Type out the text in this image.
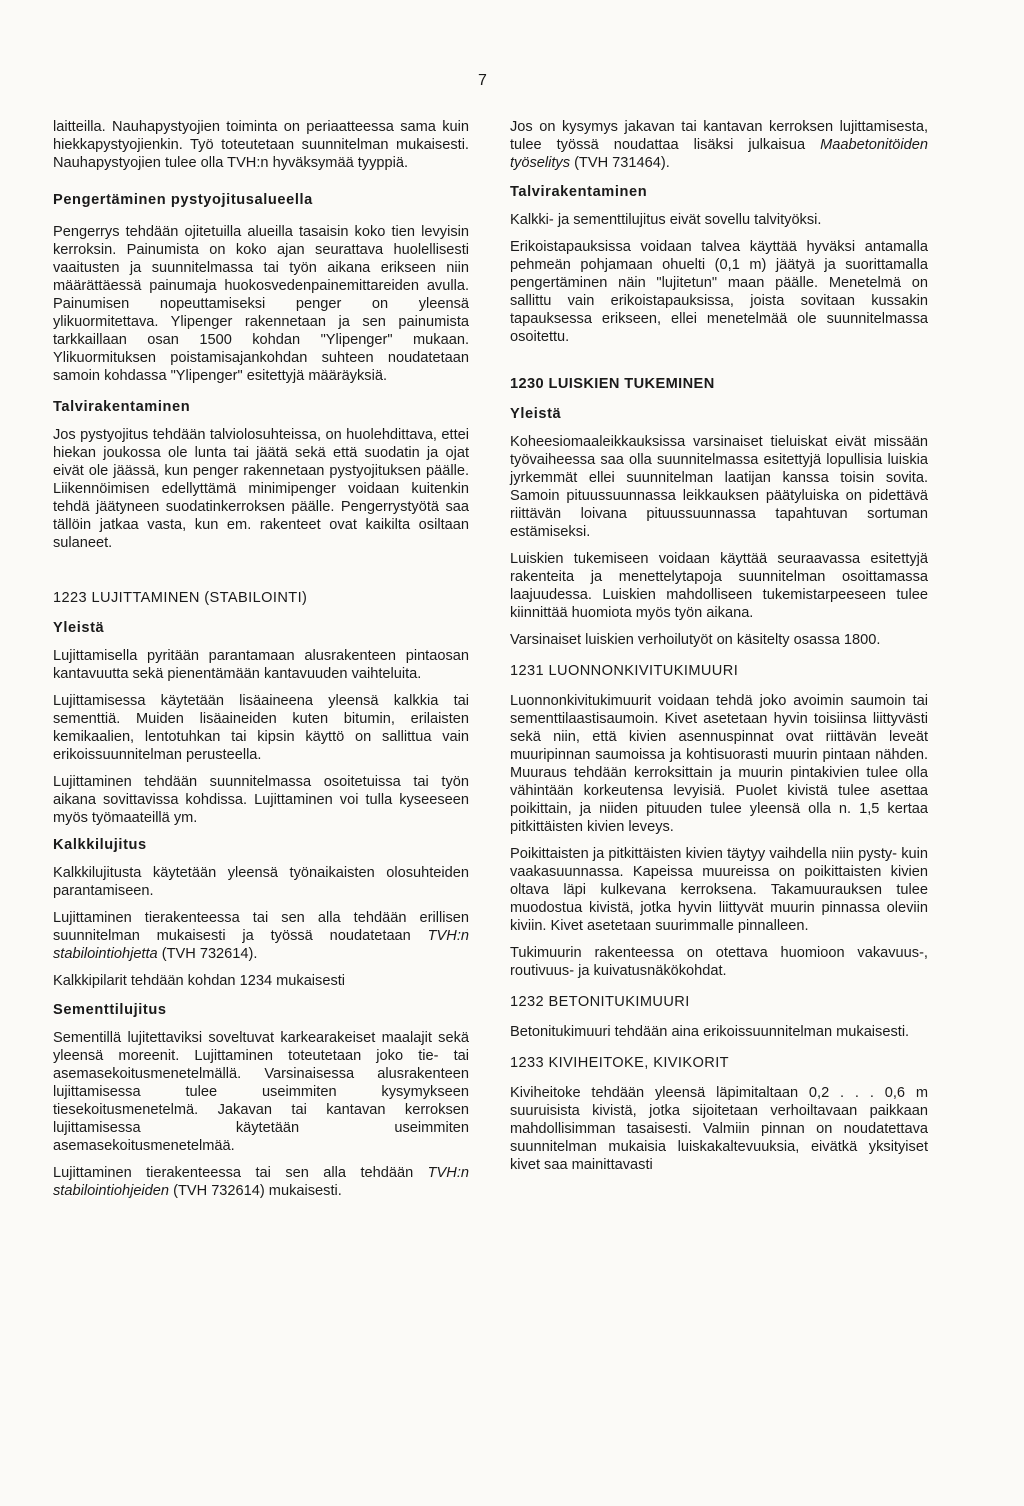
7

laitteilla. Nauhapystyojien toiminta on periaatteessa sama kuin hiekkapystyojienkin. Työ toteutetaan suunnitelman mukaisesti. Nauhapystyojien tulee olla TVH:n hyväksymää tyyppiä.

Pengertäminen pystyojitusalueella

Pengerrys tehdään ojitetuilla alueilla tasaisin koko tien levyisin kerroksin. Painumista on koko ajan seurattava huolellisesti vaaitusten ja suunnitelmassa tai työn aikana erikseen niin määrättäessä painumaja huokosvedenpainemittareiden avulla. Painumisen nopeuttamiseksi penger on yleensä ylikuormitettava. Ylipenger rakennetaan ja sen painumista tarkkaillaan osan 1500 kohdan "Ylipenger" mukaan. Ylikuormituksen poistamisajankohdan suhteen noudatetaan samoin kohdassa "Ylipenger" esitettyjä määräyksiä.

Talvirakentaminen

Jos pystyojitus tehdään talviolosuhteissa, on huolehdittava, ettei hiekan joukossa ole lunta tai jäätä sekä että suodatin ja ojat eivät ole jäässä, kun penger rakennetaan pystyojituksen päälle. Liikennöimisen edellyttämä minimipenger voidaan kuitenkin tehdä jäätyneen suodatinkerroksen päälle. Pengerrystyötä saa tällöin jatkaa vasta, kun em. rakenteet ovat kaikilta osiltaan sulaneet.

1223 LUJITTAMINEN (STABILOINTI)
Yleistä

Lujittamisella pyritään parantamaan alusrakenteen pintaosan kantavuutta sekä pienentämään kantavuuden vaihteluita.

Lujittamisessa käytetään lisäaineena yleensä kalkkia tai sementtiä. Muiden lisäaineiden kuten bitumin, erilaisten kemikaalien, lentotuhkan tai kipsin käyttö on sallittua vain erikoissuunnitelman perusteella.

Lujittaminen tehdään suunnitelmassa osoitetuissa tai työn aikana sovittavissa kohdissa. Lujittaminen voi tulla kyseeseen myös työmaateillä ym.

Kalkkilujitus

Kalkkilujitusta käytetään yleensä työnaikaisten olosuhteiden parantamiseen.

Lujittaminen tierakenteessa tai sen alla tehdään erillisen suunnitelman mukaisesti ja työssä noudatetaan TVH:n stabilointiohjetta (TVH 732614).

Kalkkipilarit tehdään kohdan 1234 mukaisesti

Sementtilujitus

Sementillä lujitettaviksi soveltuvat karkearakeiset maalajit sekä yleensä moreenit. Lujittaminen toteutetaan joko tie- tai asemasekoitusmenetelmällä. Varsinaisessa alusrakenteen lujittamisessa tulee useimmiten kysymykseen tiesekoitusmenetelmä. Jakavan tai kantavan kerroksen lujittamisessa käytetään useimmiten asemasekoitusmenetelmää.

Lujittaminen tierakenteessa tai sen alla tehdään TVH:n stabilointiohjeiden (TVH 732614) mukaisesti.

Jos on kysymys jakavan tai kantavan kerroksen lujittamisesta, tulee työssä noudattaa lisäksi julkaisua Maabetonitöiden työselitys (TVH 731464).

Talvirakentaminen

Kalkki- ja sementtilujitus eivät sovellu talvityöksi.

Erikoistapauksissa voidaan talvea käyttää hyväksi antamalla pehmeän pohjamaan ohuelti (0,1 m) jäätyä ja suorittamalla pengertäminen näin "lujitetun" maan päälle. Menetelmä on sallittu vain erikoistapauksissa, joista sovitaan kussakin tapauksessa erikseen, ellei menetelmää ole suunnitelmassa osoitettu.

1230 LUISKIEN TUKEMINEN
Yleistä

Koheesiomaaleikkauksissa varsinaiset tieluiskat eivät missään työvaiheessa saa olla suunnitelmassa esitettyjä lopullisia luiskia jyrkemmät ellei suunnitelman laatijan kanssa toisin sovita. Samoin pituussuunnassa leikkauksen päätyluiska on pidettävä riittävän loivana pituussuunnassa tapahtuvan sortuman estämiseksi.

Luiskien tukemiseen voidaan käyttää seuraavassa esitettyjä rakenteita ja menettelytapoja suunnitelman osoittamassa laajuudessa. Luiskien mahdolliseen tukemistarpeeseen tulee kiinnittää huomiota myös työn aikana.

Varsinaiset luiskien verhoilutyöt on käsitelty osassa 1800.

1231 LUONNONKIVITUKIMUURI

Luonnonkivitukimuurit voidaan tehdä joko avoimin saumoin tai sementtilaastisaumoin. Kivet asetetaan hyvin toisiinsa liittyvästi sekä niin, että kivien asennuspinnat ovat riittävän leveät muuripinnan saumoissa ja kohtisuorasti muurin pintaan nähden. Muuraus tehdään kerroksittain ja muurin pintakivien tulee olla vähintään korkeutensa levyisiä. Puolet kivistä tulee asettaa poikittain, ja niiden pituuden tulee yleensä olla n. 1,5 kertaa pitkittäisten kivien leveys.

Poikittaisten ja pitkittäisten kivien täytyy vaihdella niin pysty- kuin vaakasuunnassa. Kapeissa muureissa on poikittaisten kivien oltava läpi kulkevana kerroksena. Takamuurauksen tulee muodostua kivistä, jotka hyvin liittyvät muurin pinnassa oleviin kiviin. Kivet asetetaan suurimmalle pinnalleen.

Tukimuurin rakenteessa on otettava huomioon vakavuus-, routivuus- ja kuivatusnäkökohdat.

1232 BETONITUKIMUURI

Betonitukimuuri tehdään aina erikoissuunnitelman mukaisesti.

1233 KIVIHEITOKE, KIVIKORIT

Kiviheitoke tehdään yleensä läpimitaltaan 0,2 . . . 0,6 m suuruisista kivistä, jotka sijoitetaan verhoiltavaan paikkaan mahdollisimman tasaisesti. Valmiin pinnan on noudatettava suunnitelman mukaisia luiskakaltevuuksia, eivätkä yksityiset kivet saa mainittavasti
